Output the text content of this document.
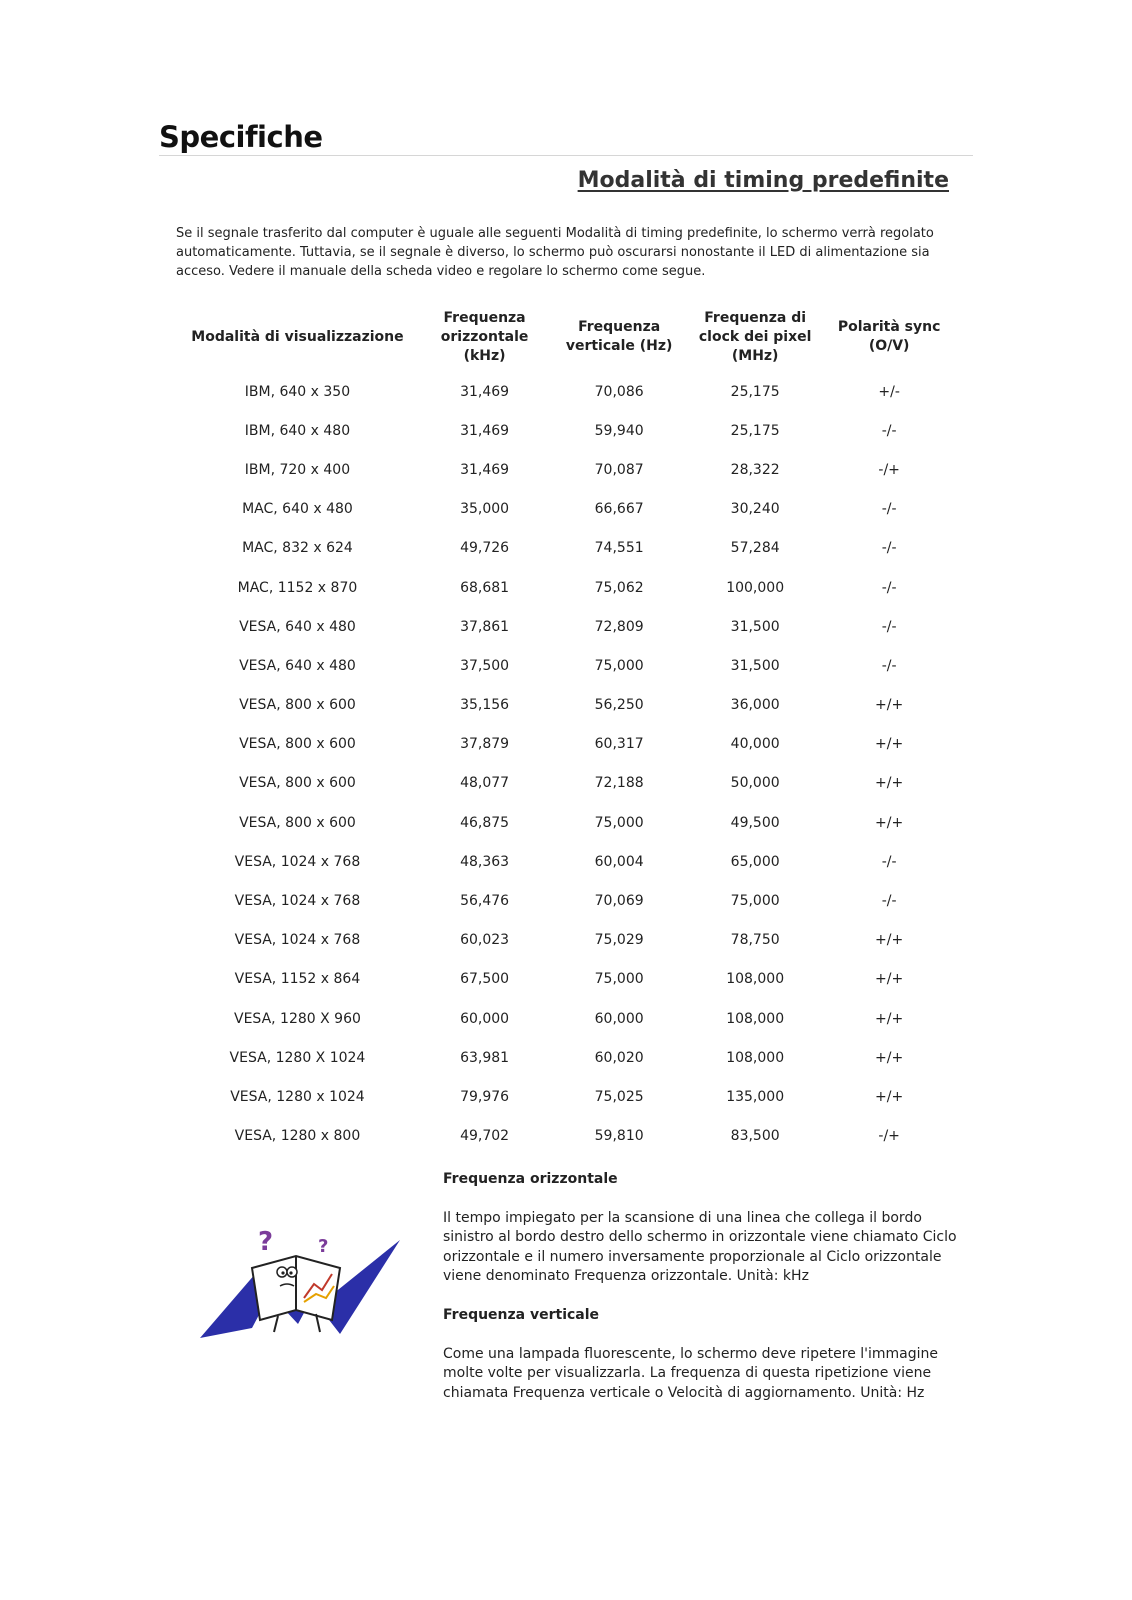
Specifiche
Modalità di timing predefinite
Se il segnale trasferito dal computer è uguale alle seguenti Modalità di timing predefinite, lo schermo verrà regolato automaticamente. Tuttavia, se il segnale è diverso, lo schermo può oscurarsi nonostante il LED di alimentazione sia acceso. Vedere il manuale della scheda video e regolare lo schermo come segue.
Modalità di visualizzazione	Frequenza orizzontale (kHz)	Frequenza verticale (Hz)	Frequenza di clock dei pixel (MHz)	Polarità sync (O/V)
IBM, 640 x 350	31,469	70,086	25,175	+/-
IBM, 640 x 480	31,469	59,940	25,175	-/-
IBM, 720 x 400	31,469	70,087	28,322	-/+
MAC, 640 x 480	35,000	66,667	30,240	-/-
MAC, 832 x 624	49,726	74,551	57,284	-/-
MAC, 1152 x 870	68,681	75,062	100,000	-/-
VESA, 640 x 480	37,861	72,809	31,500	-/-
VESA, 640 x 480	37,500	75,000	31,500	-/-
VESA, 800 x 600	35,156	56,250	36,000	+/+
VESA, 800 x 600	37,879	60,317	40,000	+/+
VESA, 800 x 600	48,077	72,188	50,000	+/+
VESA, 800 x 600	46,875	75,000	49,500	+/+
VESA, 1024 x 768	48,363	60,004	65,000	-/-
VESA, 1024 x 768	56,476	70,069	75,000	-/-
VESA, 1024 x 768	60,023	75,029	78,750	+/+
VESA, 1152 x 864	67,500	75,000	108,000	+/+
VESA, 1280 X 960	60,000	60,000	108,000	+/+
VESA, 1280 X 1024	63,981	60,020	108,000	+/+
VESA, 1280 x 1024	79,976	75,025	135,000	+/+
VESA, 1280 x 800	49,702	59,810	83,500	-/+
? ?
Frequenza orizzontale

Il tempo impiegato per la scansione di una linea che collega il bordo sinistro al bordo destro dello schermo in orizzontale viene chiamato Ciclo orizzontale e il numero inversamente proporzionale al Ciclo orizzontale viene denominato Frequenza orizzontale. Unità: kHz

Frequenza verticale

Come una lampada fluorescente, lo schermo deve ripetere l'immagine molte volte per visualizzarla. La frequenza di questa ripetizione viene chiamata Frequenza verticale o Velocità di aggiornamento. Unità: Hz
